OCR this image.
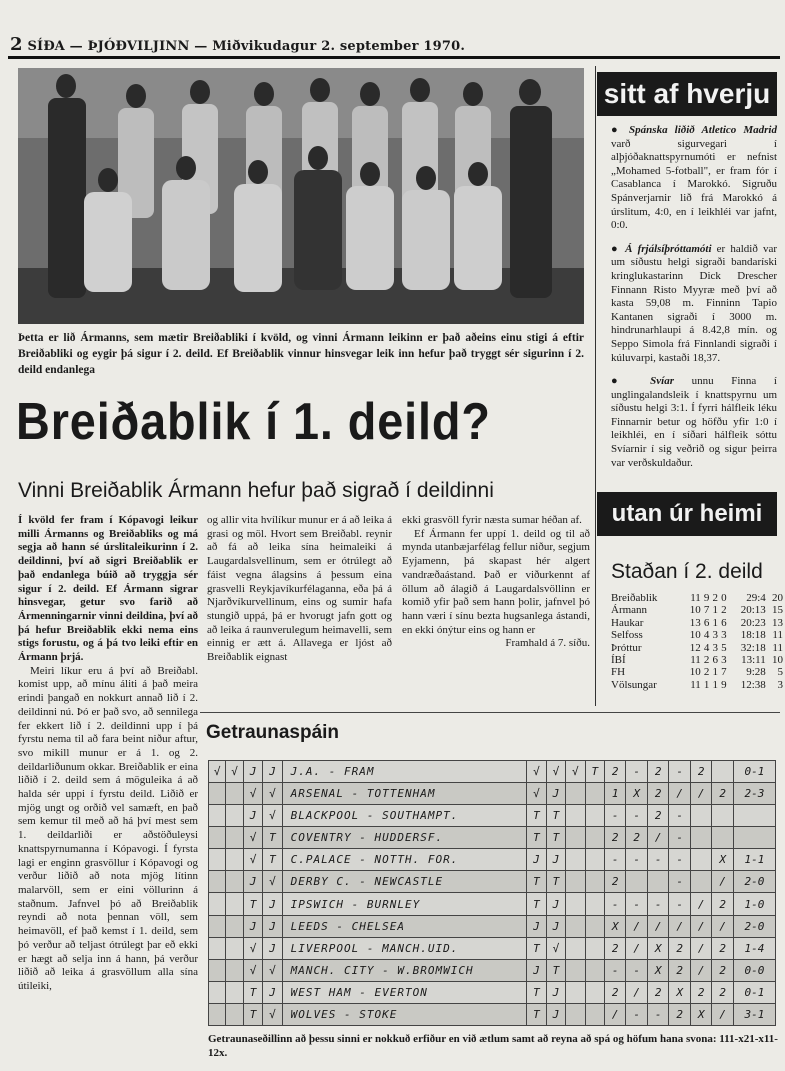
2 SÍÐA — ÞJÓÐVILJINN — Miðvikudagur 2. september 1970.
Þetta er lið Ármanns, sem mætir Breiðabliki í kvöld, og vinni Ármann leikinn er það aðeins einu stigi á eftir Breiðabliki og eygir þá sigur í 2. deild. Ef Breiðablik vinnur hinsvegar leik inn hefur það tryggt sér sigurinn í 2. deild endanlega
Breiðablik í 1. deild?
Vinni Breiðablik Ármann hefur það sigrað í deildinni
Í kvöld fer fram í Kópavogi leikur milli Ármanns og Breiðabliks og má segja að hann sé úrslitaleikurinn í 2. deildinni, því að sigri Breiðablik er það endanlega búið að tryggja sér sigur í 2. deild. Ef Ármann sigrar hinsvegar, getur svo farið að Ármenningarnir vinni deildina, því að þá hefur Breiðablik ekki nema eins stigs forustu, og á þá tvo leiki eftir en Ármann þrjá.
Meiri líkur eru á því að Breiðabl. komist upp, að mínu áliti á það meira erindi þangað en nokkurt annað lið í 2. deildinni nú. Þó er það svo, að sennilega fer ekkert lið í 2. deildinni upp í þá fyrstu nema til að fara beint niður aftur, svo mikill munur er á 1. og 2. deildarliðunum okkar. Breiðablik er eina liðið í 2. deild sem á möguleika á að halda sér uppi í fyrstu deild. Liðið er mjög ungt og orðið vel samæft, en það sem kemur til með að há því mest sem 1. deildarliði er aðstöðuleysi knattspyrnumanna í Kópavogi. Í fyrsta lagi er enginn grasvöllur í Kópavogi og verður liðið að nota mjög lítinn malarvöll, sem er eini völlurinn á staðnum. Jafnvel þó að Breiðablik reyndi að nota þennan völl, sem heimavöll, ef það kemst í 1. deild, sem þó verður að teljast ótrúlegt þar eð ekki er hægt að selja inn á hann, þá verður liðið að leika á grasvöllum alla sína útileiki,
og allir vita hvílíkur munur er á að leika á grasi og möl. Hvort sem Breiðabl. reynir að fá að leika sína heimaleiki á Laugardalsvellinum, sem er ótrúlegt að fáist vegna álagsins á þessum eina grasvelli Reykjavíkurfélaganna, eða þá á Njarðvíkurvellinum, eins og sumir hafa stungið uppá, þá er hvorugt jafn gott og að leika á raunverulegum heimavelli, sem einnig er ætt á. Allavega er ljóst að Breiðablik eignast
ekki grasvöll fyrir næsta sumar héðan af.
Ef Ármann fer uppí 1. deild og til að mynda utanbæjarfélag fellur niður, segjum Eyjamenn, þá skapast hér algert vandræðaástand. Það er viðurkennt af öllum að álagið á Laugardalsvöllinn er komið yfir það sem hann þolir, jafnvel þó hann væri í sínu bezta hugsanlega ástandi, en ekki ónýtur eins og hann er
Framhald á 7. síðu.
sitt af hverju

● Spánska liðið Atletico Madrid varð sigurvegari í alþjóðaknattspyrnumóti er nefnist „Mohamed 5-fotball", er fram fór í Casablanca í Marokkó. Sigruðu Spánverjarnir lið frá Marokkó á úrslitum, 4:0, en í leikhléi var jafnt, 0:0.

● Á frjálsíþróttamóti er haldið var um síðustu helgi sigraði bandaríski kringlukastarinn Dick Drescher Finnann Risto Myyræ með því að kasta 59,08 m. Finninn Tapio Kantanen sigraði í 3000 m. hindrunarhlaupi á 8.42,8 mín. og Seppo Simola frá Finnlandi sigraði í kúluvarpi, kastaði 18,37.

● Svíar unnu Finna í unglingalandsleik í knattspyrnu um síðustu helgi 3:1. Í fyrri hálfleik léku Finnarnir betur og höfðu yfir 1:0 í leikhléi, en í síðari hálfleik sóttu Svíarnir í sig veðrið og sigur þeirra var verðskuldaður.

utan úr heimi
Staðan í 2. deild
Breiðablik	11	9	2	0	29:4	20
Ármann	10	7	1	2	20:13	15
Haukar	13	6	1	6	20:23	13
Selfoss	10	4	3	3	18:18	11
Þróttur	12	4	3	5	32:18	11
ÍBÍ	11	2	6	3	13:11	10
FH	10	2	1	7	9:28	5
Völsungar	11	1	1	9	12:38	3
Getraunaspáin
√	√	J	J	J.A. - FRAM	√	√	√	T	2	-	2	-	2		0-1
		√	√	ARSENAL - TOTTENHAM	√	J			1	X	2	/	/	2	2-3
		J	√	BLACKPOOL - SOUTHAMPT.	T	T			-	-	2	-			
		√	T	COVENTRY - HUDDERSF.	T	T			2	2	/	-			
		√	T	C.PALACE - NOTTH. FOR.	J	J			-	-	-	-		X	1-1
		J	√	DERBY C. - NEWCASTLE	T	T			2			-		/	2-0
		T	J	IPSWICH - BURNLEY	T	J			-	-	-	-	/	2	1-0
		J	J	LEEDS - CHELSEA	J	J			X	/	/	/	/	/	2-0
		√	J	LIVERPOOL - MANCH.UID.	T	√			2	/	X	2	/	2	1-4
		√	√	MANCH. CITY - W.BROMWICH	J	T			-	-	X	2	/	2	0-0
		T	J	WEST HAM - EVERTON	T	J			2	/	2	X	2	2	0-1
		T	√	WOLVES - STOKE	T	J			/	-	-	2	X	/	3-1
Getraunaseðillinn að þessu sinni er nokkuð erfiður en við ætlum samt að reyna að spá og höfum hana svona: 111-x21-x11-12x.
